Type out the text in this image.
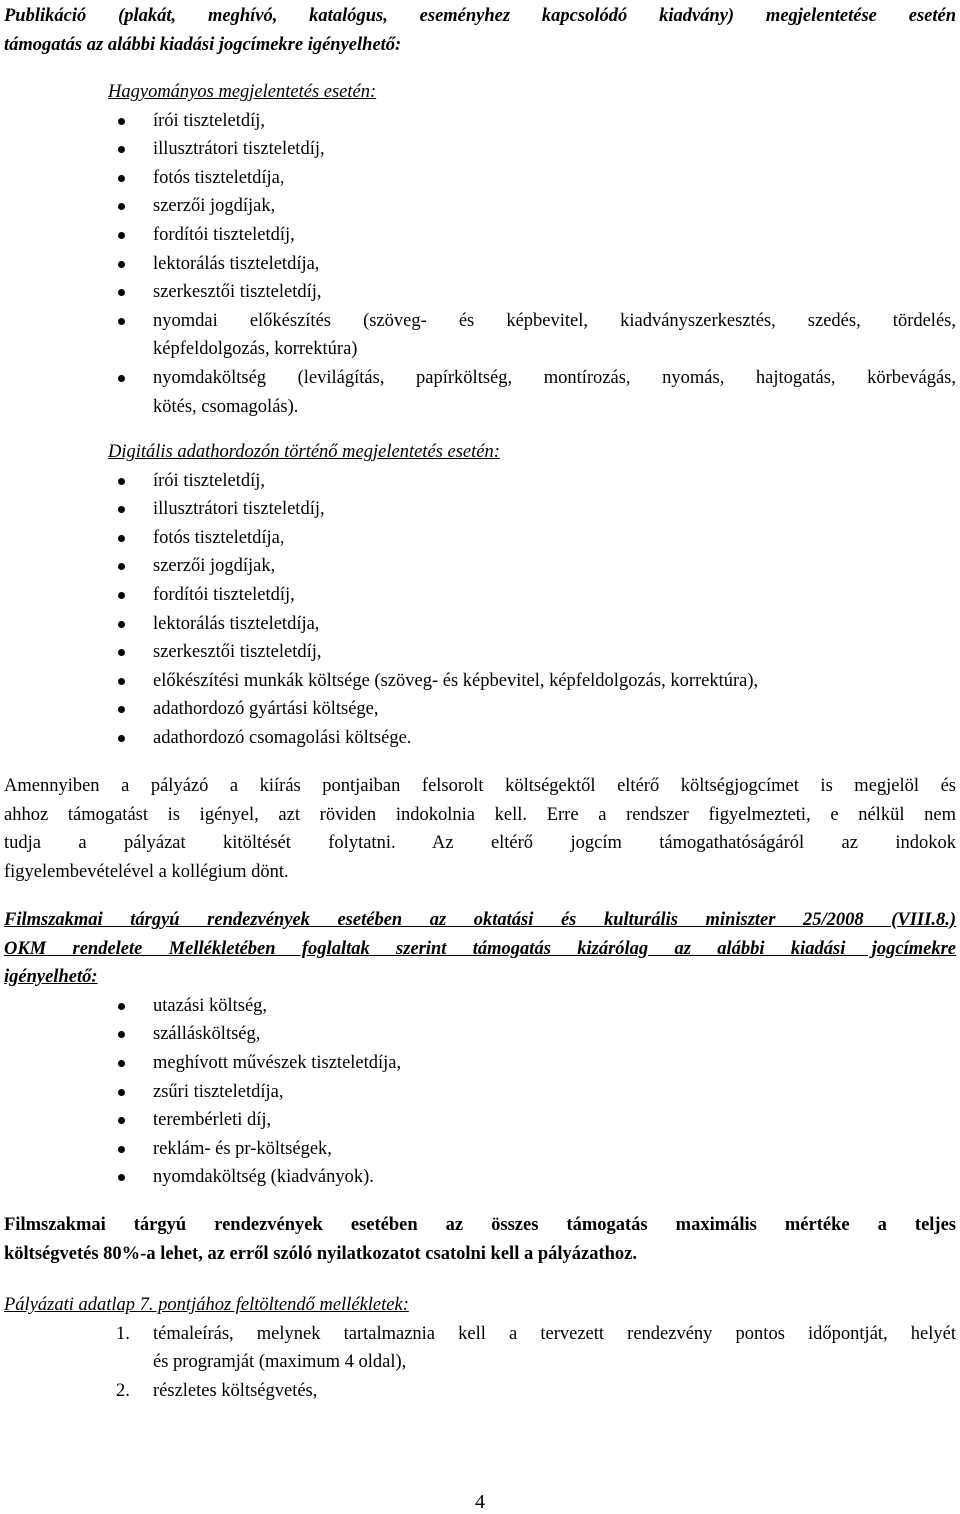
Publikáció (plakát, meghívó, katalógus, eseményhez kapcsolódó kiadvány) megjelentetése esetén

támogatás az alábbi kiadási jogcímekre igényelhető:

Hagyományos megjelentetés esetén:

írói tiszteletdíj,
illusztrátori tiszteletdíj,
fotós tiszteletdíja,
szerzői jogdíjak,
fordítói tiszteletdíj,
lektorálás tiszteletdíja,
szerkesztői tiszteletdíj,
nyomdai előkészítés (szöveg- és képbevitel, kiadványszerkesztés, szedés, tördelés,
képfeldolgozás, korrektúra)
nyomdaköltség (levilágítás, papírköltség, montírozás, nyomás, hajtogatás, körbevágás,
kötés, csomagolás).

Digitális adathordozón történő megjelentetés esetén:

írói tiszteletdíj,
illusztrátori tiszteletdíj,
fotós tiszteletdíja,
szerzői jogdíjak,
fordítói tiszteletdíj,
lektorálás tiszteletdíja,
szerkesztői tiszteletdíj,
előkészítési munkák költsége (szöveg- és képbevitel, képfeldolgozás, korrektúra),
adathordozó gyártási költsége,
adathordozó csomagolási költsége.

Amennyiben a pályázó a kiírás pontjaiban felsorolt költségektől eltérő költségjogcímet is megjelöl és

ahhoz támogatást is igényel, azt röviden indokolnia kell. Erre a rendszer figyelmezteti, e nélkül nem

tudja a pályázat kitöltését folytatni. Az eltérő jogcím támogathatóságáról az indokok

figyelembevételével a kollégium dönt.

Filmszakmai tárgyú rendezvények esetében az oktatási és kulturális miniszter 25/2008 (VIII.8.)

OKM rendelete Mellékletében foglaltak szerint támogatás kizárólag az alábbi kiadási jogcímekre

igényelhető:

utazási költség,
szállásköltség,
meghívott művészek tiszteletdíja,
zsűri tiszteletdíja,
terembérleti díj,
reklám- és pr-költségek,
nyomdaköltség (kiadványok).

Filmszakmai tárgyú rendezvények esetében az összes támogatás maximális mértéke a teljes

költségvetés 80%-a lehet, az erről szóló nyilatkozatot csatolni kell a pályázathoz.

Pályázati adatlap 7. pontjához feltöltendő mellékletek:

1. témaleírás, melynek tartalmaznia kell a tervezett rendezvény pontos időpontját, helyét
és programját (maximum 4 oldal),
2. részletes költségvetés,
4
